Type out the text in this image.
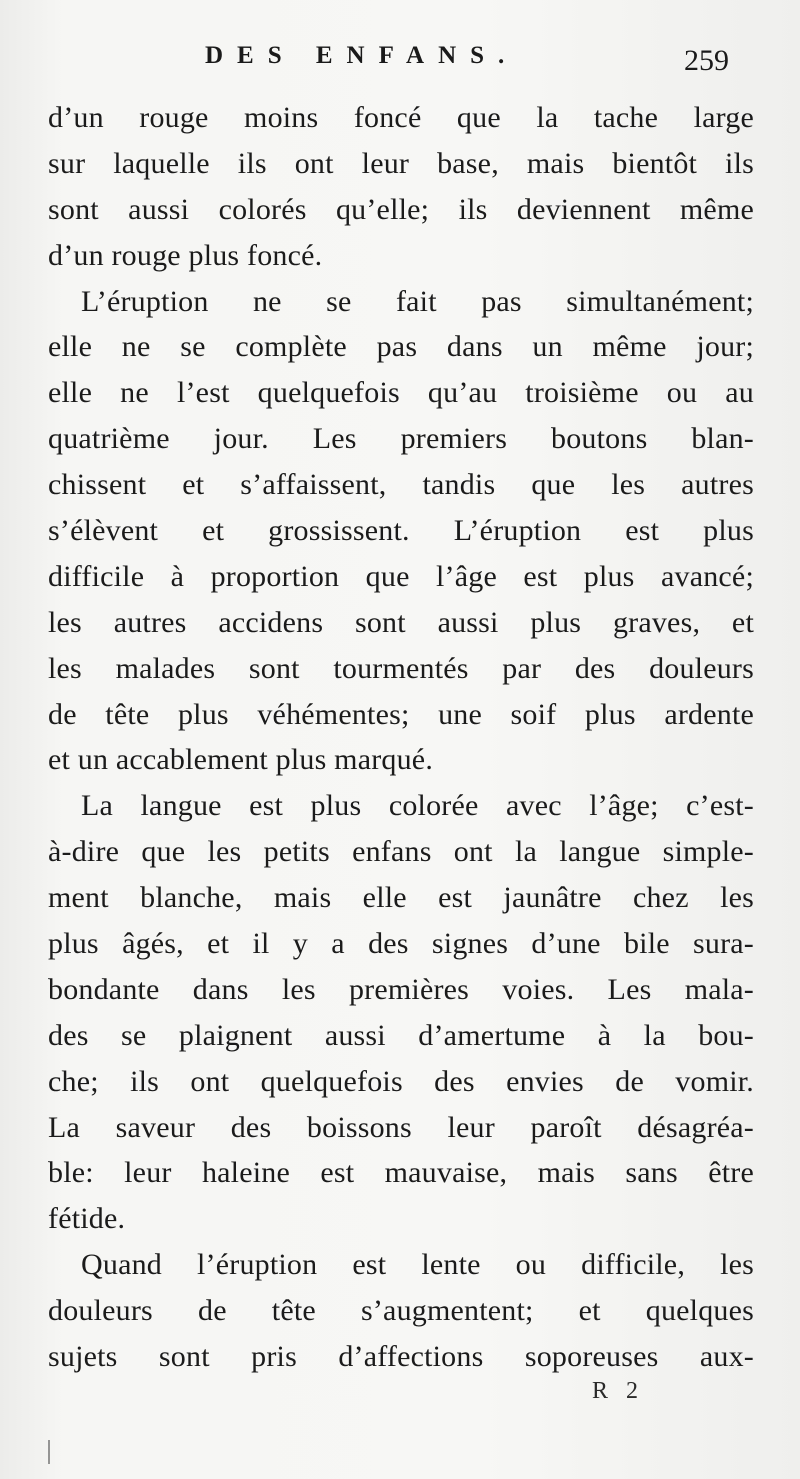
DES ENFANS.	259
d’un rouge moins foncé que la tache large
sur laquelle ils ont leur base, mais bientôt ils
sont aussi colorés qu’elle; ils deviennent même
d’un rouge plus foncé.
L’éruption ne se fait pas simultanément;
elle ne se complète pas dans un même jour;
elle ne l’est quelquefois qu’au troisième ou au
quatrième jour. Les premiers boutons blan-
chissent et s’affaissent, tandis que les autres
s’élèvent et grossissent. L’éruption est plus
difficile à proportion que l’âge est plus avancé;
les autres accidens sont aussi plus graves, et
les malades sont tourmentés par des douleurs
de tête plus véhémentes; une soif plus ardente
et un accablement plus marqué.
La langue est plus colorée avec l’âge; c’est-
à-dire que les petits enfans ont la langue simple-
ment blanche, mais elle est jaunâtre chez les
plus âgés, et il y a des signes d’une bile sura-
bondante dans les premières voies. Les mala-
des se plaignent aussi d’amertume à la bou-
che; ils ont quelquefois des envies de vomir.
La saveur des boissons leur paroît désagréa-
ble: leur haleine est mauvaise, mais sans être
fétide.
Quand l’éruption est lente ou difficile, les
douleurs de tête s’augmentent; et quelques
sujets sont pris d’affections soporeuses aux-
R 2
